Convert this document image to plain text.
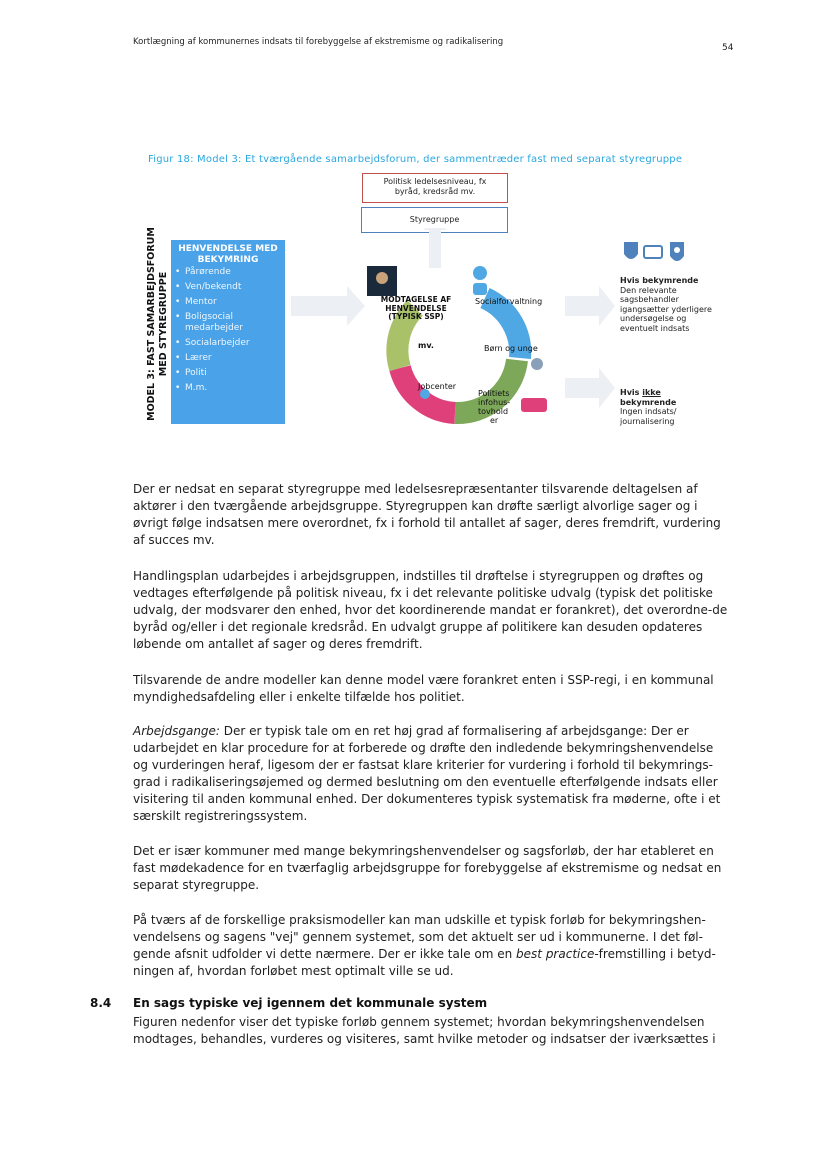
Kortlægning af kommunernes indsats til forebyggelse af ekstremisme og radikalisering
54
Figur 18: Model 3: Et tværgående samarbejdsforum, der sammentræder fast med separat styregruppe
MODEL 3: FAST SAMARBEJDSFORUM MED STYREGRUPPE
HENVENDELSE MED
BEKYMRING
• Pårørende
• Ven/bekendt
• Mentor
• Boligsocial medarbejder
• Socialarbejder
• Lærer
• Politi
• M.m.
Politisk ledelsesniveau, fx
byråd, kredsråd mv.
Styregruppe
MODTAGELSE AF
HENVENDELSE
(TYPISK SSP)
Socialforvaltning
Børn og unge
mv.
Jobcenter
Politiets
infohus-
tovhold
er
Hvis bekymrende
Den relevante
sagsbehandler
igangsætter yderligere
undersøgelse og
eventuelt indsats
Hvis ikke
bekymrende
Ingen indsats/
journalisering

Der er nedsat en separat styregruppe med ledelsesrepræsentanter tilsvarende deltagelsen af aktører i den tværgående arbejdsgruppe. Styregruppen kan drøfte særligt alvorlige sager og i øvrigt følge indsatsen mere overordnet, fx i forhold til antallet af sager, deres fremdrift, vurdering af succes mv.

Handlingsplan udarbejdes i arbejdsgruppen, indstilles til drøftelse i styregruppen og drøftes og vedtages efterfølgende på politisk niveau, fx i det relevante politiske udvalg (typisk det politiske udvalg, der modsvarer den enhed, hvor det koordinerende mandat er forankret), det overordne-de byråd og/eller i det regionale kredsråd. En udvalgt gruppe af politikere kan desuden opdateres løbende om antallet af sager og deres fremdrift.

Tilsvarende de andre modeller kan denne model være forankret enten i SSP-regi, i en kommunal myndighedsafdeling eller i enkelte tilfælde hos politiet.

Arbejdsgange: Der er typisk tale om en ret høj grad af formalisering af arbejdsgange: Der er udarbejdet en klar procedure for at forberede og drøfte den indledende bekymringshenvendelse og vurderingen heraf, ligesom der er fastsat klare kriterier for vurdering i forhold til bekymrings-grad i radikaliseringsøjemed og dermed beslutning om den eventuelle efterfølgende indsats eller visitering til anden kommunal enhed. Der dokumenteres typisk systematisk fra møderne, ofte i et særskilt registreringssystem.

Det er især kommuner med mange bekymringshenvendelser og sagsforløb, der har etableret en fast mødekadence for en tværfaglig arbejdsgruppe for forebyggelse af ekstremisme og nedsat en separat styregruppe.

På tværs af de forskellige praksismodeller kan man udskille et typisk forløb for bekymringshen-vendelsens og sagens "vej" gennem systemet, som det aktuelt ser ud i kommunerne. I det føl-gende afsnit udfolder vi dette nærmere. Der er ikke tale om en best practice-fremstilling i betyd-ningen af, hvordan forløbet mest optimalt ville se ud.

8.4 En sags typiske vej igennem det kommunale system

Figuren nedenfor viser det typiske forløb gennem systemet; hvordan bekymringshenvendelsen modtages, behandles, vurderes og visiteres, samt hvilke metoder og indsatser der iværksættes i
